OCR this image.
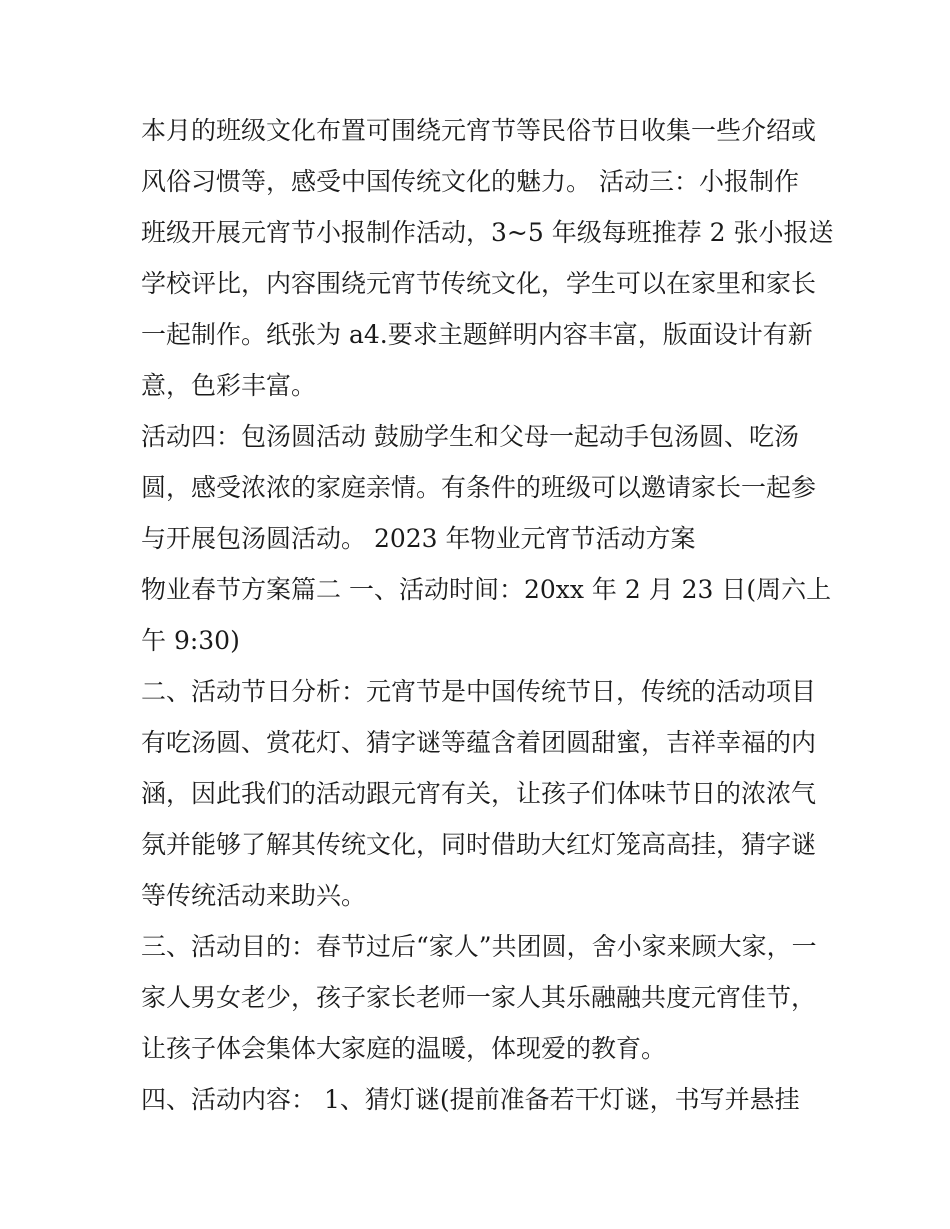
本月的班级文化布置可围绕元宵节等民俗节日收集一些介绍或

风俗习惯等，感受中国传统文化的魅力。 活动三：小报制作

班级开展元宵节小报制作活动，3~5 年级每班推荐 2 张小报送

学校评比，内容围绕元宵节传统文化，学生可以在家里和家长

一起制作。纸张为 a4.要求主题鲜明内容丰富，版面设计有新

意，色彩丰富。

活动四：包汤圆活动 鼓励学生和父母一起动手包汤圆、吃汤

圆，感受浓浓的家庭亲情。有条件的班级可以邀请家长一起参

与开展包汤圆活动。 2023 年物业元宵节活动方案

物业春节方案篇二 一、活动时间：20xx 年 2 月 23 日(周六上

午 9:30)

二、活动节日分析：元宵节是中国传统节日，传统的活动项目

有吃汤圆、赏花灯、猜字谜等蕴含着团圆甜蜜，吉祥幸福的内

涵，因此我们的活动跟元宵有关，让孩子们体味节日的浓浓气

氛并能够了解其传统文化，同时借助大红灯笼高高挂，猜字谜

等传统活动来助兴。

三、活动目的：春节过后“家人”共团圆，舍小家来顾大家，一

家人男女老少，孩子家长老师一家人其乐融融共度元宵佳节，

让孩子体会集体大家庭的温暖，体现爱的教育。

四、活动内容： 1、猜灯谜(提前准备若干灯谜，书写并悬挂
